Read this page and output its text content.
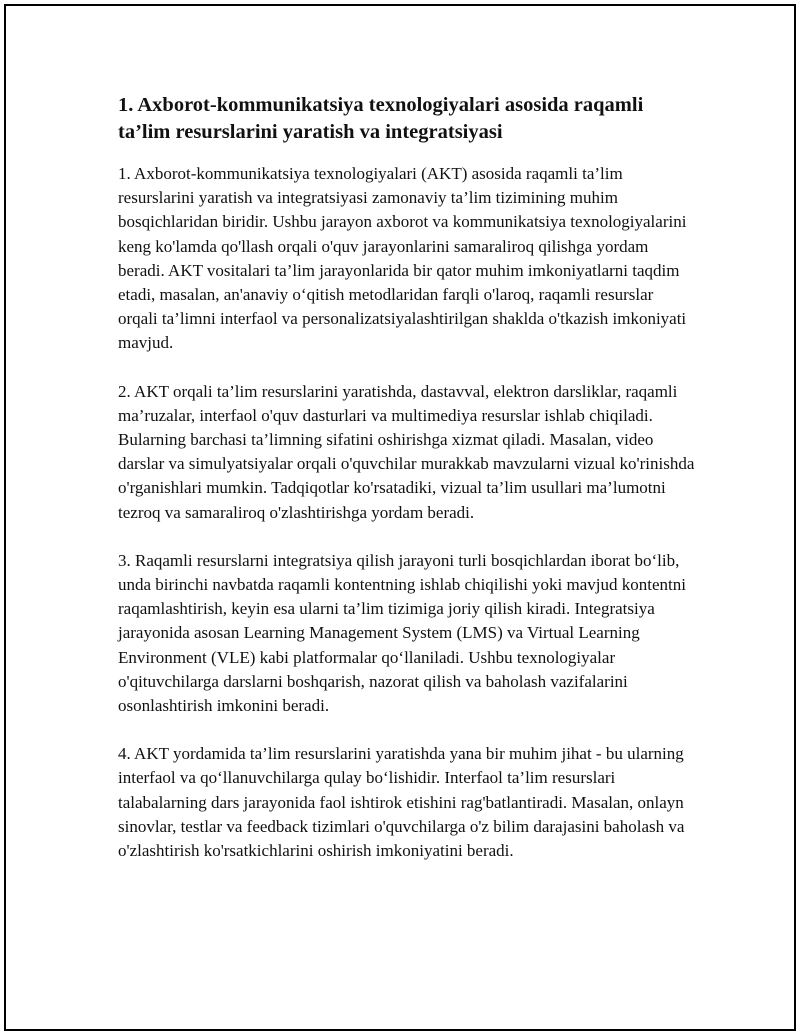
1. Axborot-kommunikatsiya texnologiyalari asosida raqamli ta’lim resurslarini yaratish va integratsiyasi

1. Axborot-kommunikatsiya texnologiyalari (AKT) asosida raqamli ta’lim resurslarini yaratish va integratsiyasi zamonaviy ta’lim tizimining muhim bosqichlaridan biridir. Ushbu jarayon axborot va kommunikatsiya texnologiyalarini keng ko'lamda qo'llash orqali o'quv jarayonlarini samaraliroq qilishga yordam beradi. AKT vositalari ta’lim jarayonlarida bir qator muhim imkoniyatlarni taqdim etadi, masalan, an'anaviy o‘qitish metodlaridan farqli o'laroq, raqamli resurslar orqali ta’limni interfaol va personalizatsiyalashtirilgan shaklda o'tkazish imkoniyati mavjud.

2. AKT orqali ta’lim resurslarini yaratishda, dastavval, elektron darsliklar, raqamli ma’ruzalar, interfaol o'quv dasturlari va multimediya resurslar ishlab chiqiladi. Bularning barchasi ta’limning sifatini oshirishga xizmat qiladi. Masalan, video darslar va simulyatsiyalar orqali o'quvchilar murakkab mavzularni vizual ko'rinishda o'rganishlari mumkin. Tadqiqotlar ko'rsatadiki, vizual ta’lim usullari ma’lumotni tezroq va samaraliroq o'zlashtirishga yordam beradi.

3. Raqamli resurslarni integratsiya qilish jarayoni turli bosqichlardan iborat bo‘lib, unda birinchi navbatda raqamli kontentning ishlab chiqilishi yoki mavjud kontentni raqamlashtirish, keyin esa ularni ta’lim tizimiga joriy qilish kiradi. Integratsiya jarayonida asosan Learning Management System (LMS) va Virtual Learning Environment (VLE) kabi platformalar qo‘llaniladi. Ushbu texnologiyalar o'qituvchilarga darslarni boshqarish, nazorat qilish va baholash vazifalarini osonlashtirish imkonini beradi.

4. AKT yordamida ta’lim resurslarini yaratishda yana bir muhim jihat - bu ularning interfaol va qo‘llanuvchilarga qulay bo‘lishidir. Interfaol ta’lim resurslari talabalarning dars jarayonida faol ishtirok etishini rag'batlantiradi. Masalan, onlayn sinovlar, testlar va feedback tizimlari o'quvchilarga o'z bilim darajasini baholash va o'zlashtirish ko'rsatkichlarini oshirish imkoniyatini beradi.
